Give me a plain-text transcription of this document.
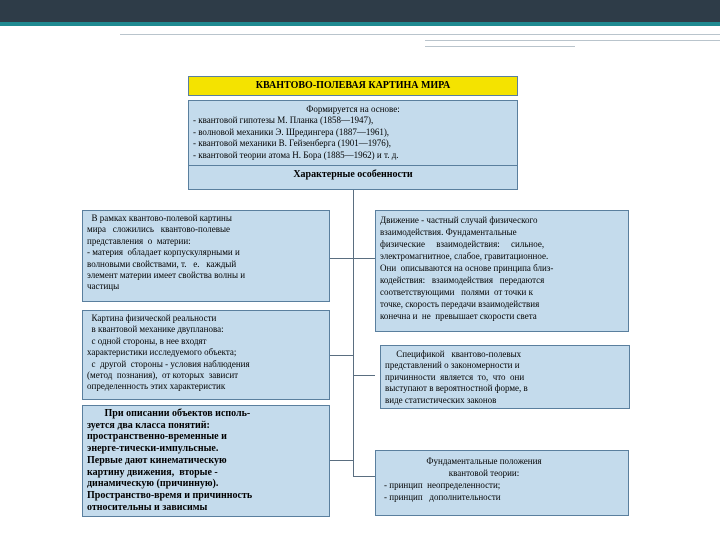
КВАНТОВО-ПОЛЕВАЯ КАРТИНА МИРА
Формируется на основе:
- квантовой гипотезы М. Планка (1858—1947),
- волновой механики Э. Шредингера (1887—1961),
- квантовой механики В. Гейзенберга (1901—1976),
- квантовой теории атома Н. Бора (1885—1962) и т. д.
Характерные особенности
В рамках квантово-полевой картины
мира   сложились   квантово-полевые
представления  о  материи:
- материя  обладает корпускулярными и
волновыми свойствами, т.   е.   каждый
элемент материи имеет свойства волны и
частицы
Картина физической реальности
в квантовой механике двупланова:
с одной стороны, в нее входят
характеристики исследуемого объекта;
с  другой  стороны - условия наблюдения
(метод  познания),  от которых  зависит
определенность этих характеристик
При описании объектов исполь-
зуется два класса понятий:
пространственно-временные и
энерге-тически-импульсные.
Первые дают кинематическую
картину движения,  вторые -
динамическую (причинную).
Пространство-время и причинность
относительны и зависимы
Движение - частный случай физического
взаимодействия. Фундаментальные
физические     взаимодействия:     сильное,
электромагнитное, слабое, гравитационное.
Они  описываются на основе принципа близ-
кодействия:   взаимодействия   передаются
соответствующими   полями  от точки к
точке, скорость передачи взаимодействия
конечна и  не  превышает скорости света
Спецификой   квантово-полевых
представлений о закономерности и
причинности  является  то,  что  они
выступают в вероятностной форме, в
виде статистических законов
Фундаментальные положения
квантовой теории:
- принцип  неопределенности;
- принцип   дополнительности
